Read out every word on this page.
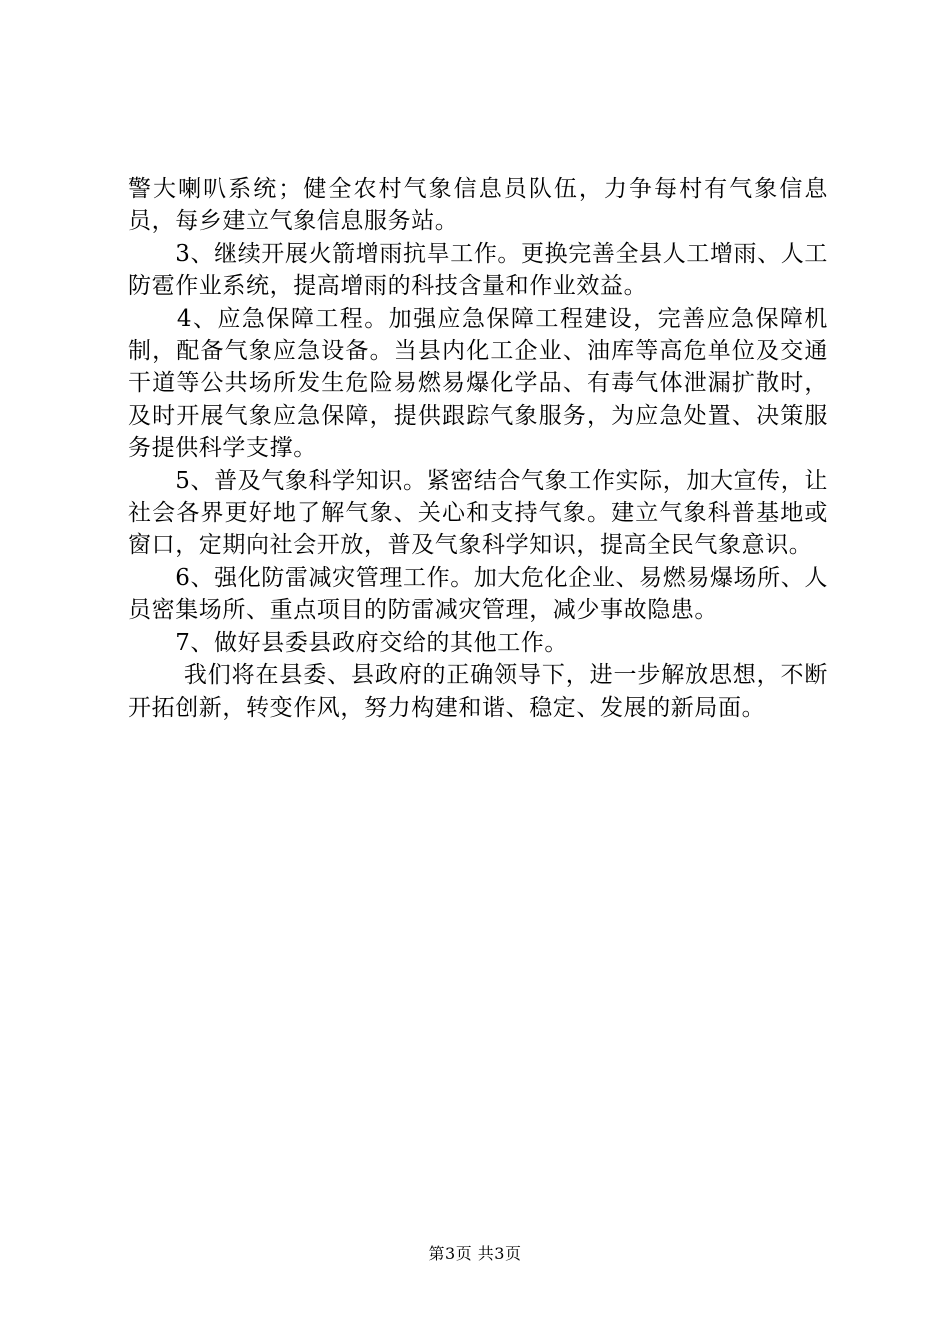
警大喇叭系统；健全农村气象信息员队伍，力争每村有气象信息员，每乡建立气象信息服务站。

　　3、继续开展火箭增雨抗旱工作。更换完善全县人工增雨、人工防雹作业系统，提高增雨的科技含量和作业效益。

　　4、应急保障工程。加强应急保障工程建设，完善应急保障机制，配备气象应急设备。当县内化工企业、油库等高危单位及交通干道等公共场所发生危险易燃易爆化学品、有毒气体泄漏扩散时，及时开展气象应急保障，提供跟踪气象服务，为应急处置、决策服务提供科学支撑。

　　5、普及气象科学知识。紧密结合气象工作实际，加大宣传，让社会各界更好地了解气象、关心和支持气象。建立气象科普基地或窗口，定期向社会开放，普及气象科学知识，提高全民气象意识。

　　6、强化防雷减灾管理工作。加大危化企业、易燃易爆场所、人员密集场所、重点项目的防雷减灾管理，减少事故隐患。

　　7、做好县委县政府交给的其他工作。

　　 我们将在县委、县政府的正确领导下，进一步解放思想，不断开拓创新，转变作风，努力构建和谐、稳定、发展的新局面。

第3页 共3页
